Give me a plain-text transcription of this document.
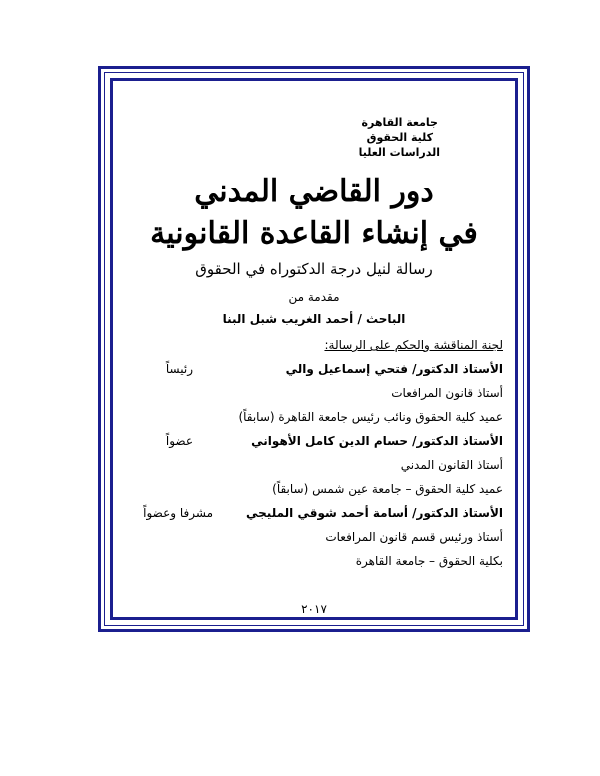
جامعة القاهرة
كلية الحقوق
الدراسات العليا
دور القاضي المدني
في إنشاء القاعدة القانونية
رسالة لنيل درجة الدكتوراه في الحقوق
مقدمة من
الباحث / أحمد الغريب شبل البنا
لجنة المناقشة والحكم على الرسالة:
الأستاذ الدكتور/ فتحي إسماعيل والي
رئيساً
أستاذ قانون المرافعات
عميد كلية الحقوق ونائب رئيس جامعة القاهرة (سابقاً)
الأستاذ الدكتور/ حسام الدين كامل الأهواني
عضواً
أستاذ القانون المدني
عميد كلية الحقوق – جامعة عين شمس (سابقاً)
الأستاذ الدكتور/ أسامة أحمد شوقي المليجي
مشرفا وعضواً
أستاذ ورئيس قسم قانون المرافعات
بكلية الحقوق – جامعة القاهرة
٢٠١٧
